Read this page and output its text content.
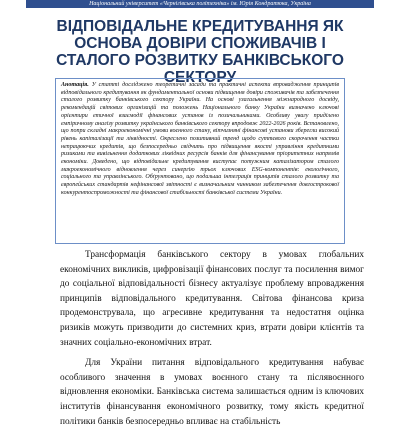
Національний університет «Чернігівська політехніка» ім. Юрія Кондратюка, Україна
ВІДПОВІДАЛЬНЕ КРЕДИТУВАННЯ ЯК ОСНОВА ДОВІРИ СПОЖИВАЧІВ І СТАЛОГО РОЗВИТКУ БАНКІВСЬКОГО СЕКТОРУ
Анотація. У статті досліджено теоретичні засади та практичні аспекти впровадження принципів відповідального кредитування як фундаментальної основи підвищення довіри споживачів та забезпечення сталого розвитку банківського сектору України. На основі узагальнення міжнародного досвіду, рекомендацій світових організацій та положень Національного банку України визначено ключові орієнтири етичної взаємодії фінансових установ із позичальниками. Особливу увагу приділено емпіричному аналізу розвитку українського банківського сектору впродовж 2022-2026 років. Встановлено, що попри складні макроекономічні умови воєнного стану, вітчизняні фінансові установи зберегли високий рівень капіталізації та ліквідності. Окреслено позитивний тренд щодо суттєвого скорочення частки непрацюючих кредитів, що безпосередньо свідчить про підвищення якості управління кредитними ризиками та вивільнення додаткових ліквідних ресурсів банків для фінансування пріоритетних напрямів економіки. Доведено, що відповідальне кредитування виступає потужним каталізатором сталого макроекономічного відновлення через синергію трьох ключових ESG-компонентів: екологічного, соціального та управлінського. Обґрунтовано, що подальша інтеграція принципів сталого розвитку та європейських стандартів нефінансової звітності є визначальним чинником забезпечення довгострокової конкурентоспроможності та фінансової стабільності банківської системи України.

Трансформація банківського сектору в умовах глобальних економічних викликів, цифровізації фінансових послуг та посилення вимог до соціальної відповідальності бізнесу актуалізує проблему впровадження принципів відповідального кредитування. Світова фінансова криза продемонструвала, що агресивне кредитування та недостатня оцінка ризиків можуть призводити до системних криз, втрати довіри клієнтів та значних соціально-економічних втрат.

Для України питання відповідального кредитування набуває особливого значення в умовах воєнного стану та післявоєнного відновлення економіки. Банківська система залишається одним із ключових інститутів фінансування економічного розвитку, тому якість кредитної політики банків безпосередньо впливає на стабільність
